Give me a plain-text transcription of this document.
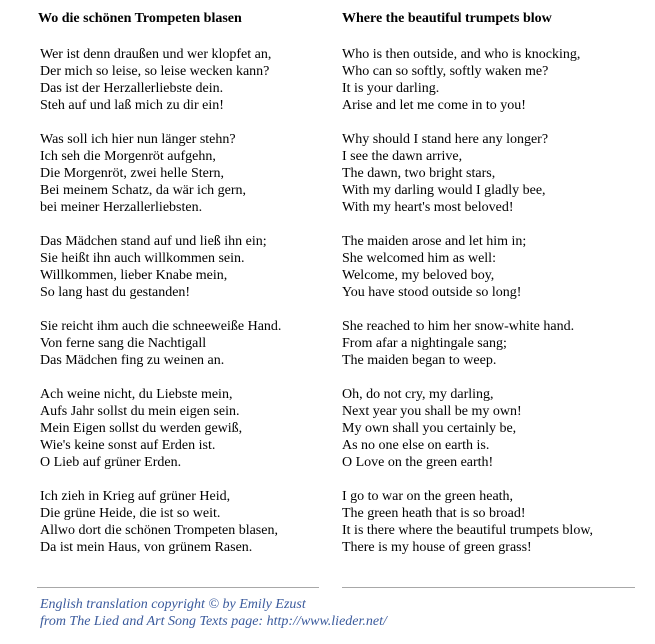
Wo die schönen Trompeten blasen
Wer ist denn draußen und wer klopfet an,
Der mich so leise, so leise wecken kann?
Das ist der Herzallerliebste dein.
Steh auf und laß mich zu dir ein!
Was soll ich hier nun länger stehn?
Ich seh die Morgenröt aufgehn,
Die Morgenröt, zwei helle Stern,
Bei meinem Schatz, da wär ich gern,
bei meiner Herzallerliebsten.
Das Mädchen stand auf und ließ ihn ein;
Sie heißt ihn auch willkommen sein.
Willkommen, lieber Knabe mein,
So lang hast du gestanden!
Sie reicht ihm auch die schneeweiße Hand.
Von ferne sang die Nachtigall
Das Mädchen fing zu weinen an.
Ach weine nicht, du Liebste mein,
Aufs Jahr sollst du mein eigen sein.
Mein Eigen sollst du werden gewiß,
Wie's keine sonst auf Erden ist.
O Lieb auf grüner Erden.
Ich zieh in Krieg auf grüner Heid,
Die grüne Heide, die ist so weit.
Allwo dort die schönen Trompeten blasen,
Da ist mein Haus, von grünem Rasen.
Where the beautiful trumpets blow
Who is then outside, and who is knocking,
Who can so softly, softly waken me?
It is your darling.
Arise and let me come in to you!
Why should I stand here any longer?
I see the dawn arrive,
The dawn, two bright stars,
With my darling would I gladly bee,
With my heart's most beloved!
The maiden arose and let him in;
She welcomed him as well:
Welcome, my beloved boy,
You have stood outside so long!
She reached to him her snow-white hand.
From afar a nightingale sang;
The maiden began to weep.
Oh, do not cry, my darling,
Next year you shall be my own!
My own shall you certainly be,
As no one else on earth is.
O Love on the green earth!
I go to war on the green heath,
The green heath that is so broad!
It is there where the beautiful trumpets blow,
There is my house of green grass!
English translation copyright © by Emily Ezust
from The Lied and Art Song Texts page: http://www.lieder.net/
